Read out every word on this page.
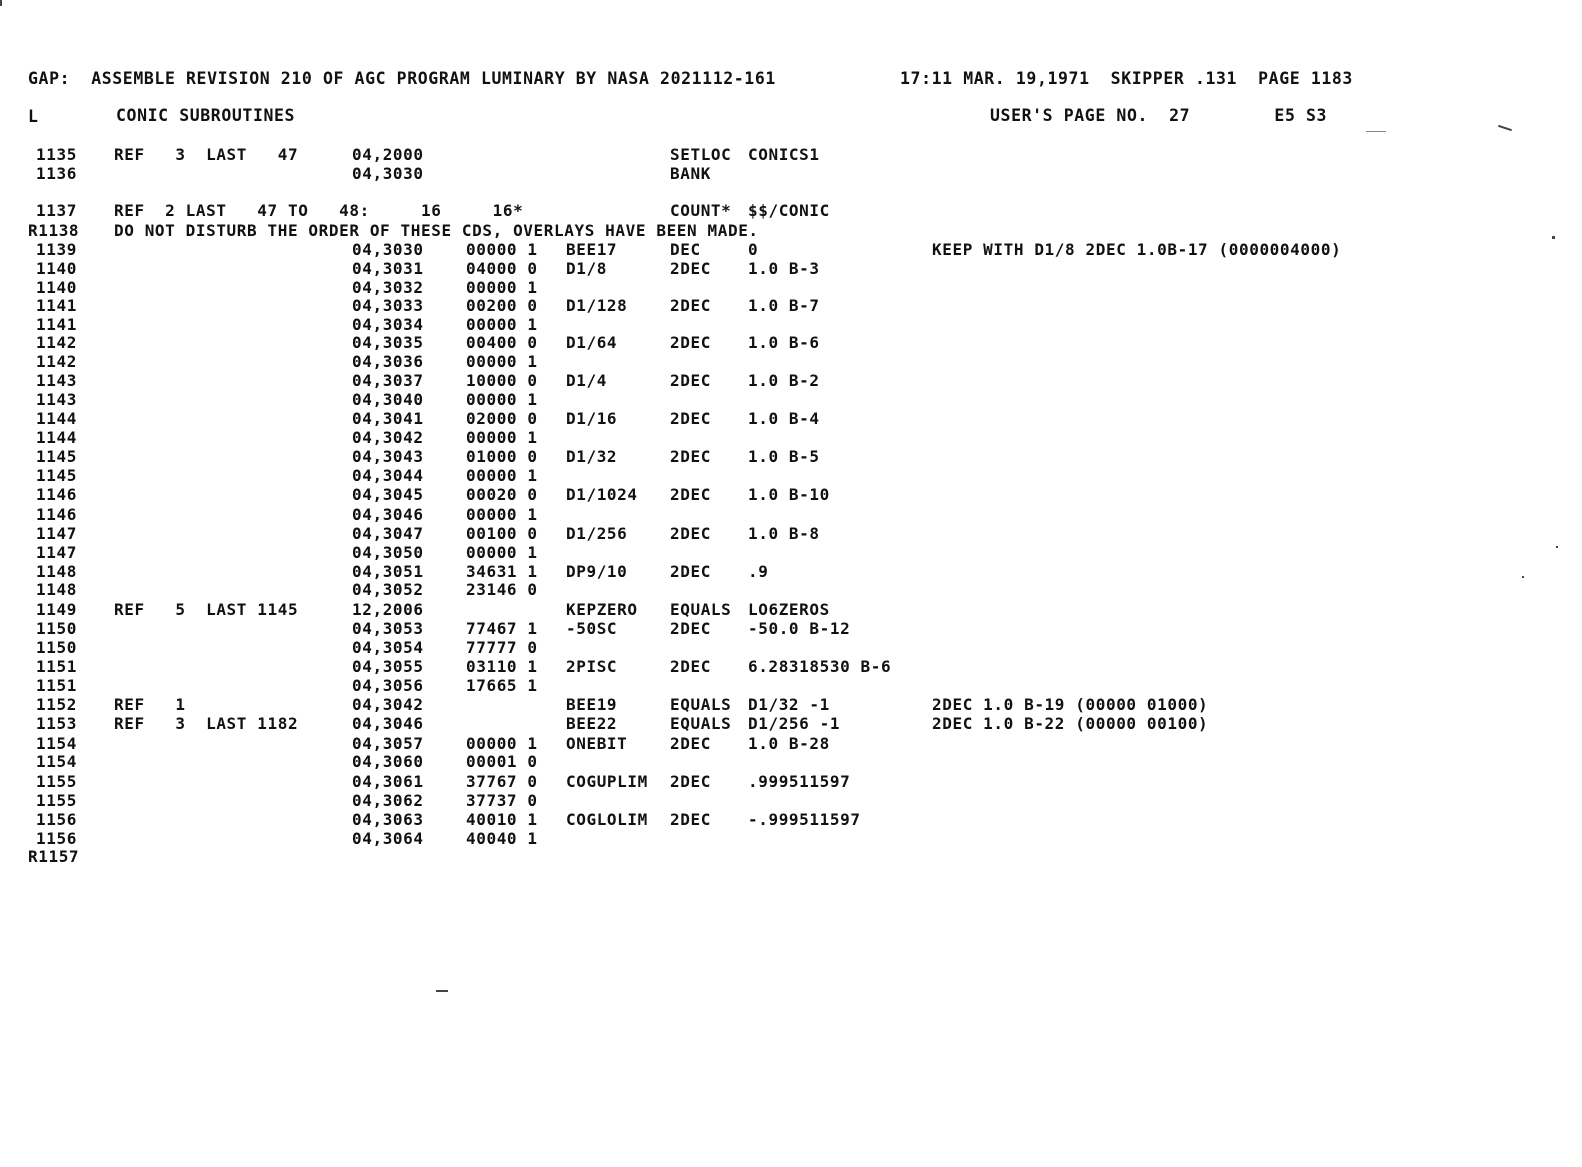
GAP:  ASSEMBLE REVISION 210 OF AGC PROGRAM LUMINARY BY NASA 2021112-161	17:11 MAR. 19,1971  SKIPPER .131  PAGE 1183
L	CONIC SUBROUTINES	USER'S PAGE NO.  27        E5 S3
1135 REF   3  LAST   47	04,2000	SETLOC CONICS1
1136	04,3030	BANK
1137 REF  2 LAST   47 TO   48:     16     16*	COUNT* $$/CONIC
R1138 DO NOT DISTURB THE ORDER OF THESE CDS, OVERLAYS HAVE BEEN MADE.
1139	04,3030	00000 1 BEE17	DEC	0	KEEP WITH D1/8 2DEC 1.0B-17 (0000004000)
1140	04,3031	04000 0 D1/8	2DEC 1.0 B-3
1140	04,3032	00000 1
1141	04,3033	00200 0 D1/128	2DEC 1.0 B-7
1141	04,3034	00000 1
1142	04,3035	00400 0 D1/64	2DEC 1.0 B-6
1142	04,3036	00000 1
1143	04,3037	10000 0 D1/4	2DEC 1.0 B-2
1143	04,3040	00000 1
1144	04,3041	02000 0 D1/16	2DEC 1.0 B-4
1144	04,3042	00000 1
1145	04,3043	01000 0 D1/32	2DEC 1.0 B-5
1145	04,3044	00000 1
1146	04,3045	00020 0 D1/1024 2DEC 1.0 B-10
1146	04,3046	00000 1
1147	04,3047	00100 0 D1/256	2DEC 1.0 B-8
1147	04,3050	00000 1
1148	04,3051	34631 1 DP9/10	2DEC .9
1148	04,3052	23146 0
1149 REF   5  LAST 1145	12,2006	KEPZERO EQUALS LO6ZEROS
1150	04,3053	77467 1 -50SC	2DEC -50.0 B-12
1150	04,3054	77777 0
1151	04,3055	03110 1 2PISC	2DEC 6.28318530 B-6
1151	04,3056	17665 1
1152 REF   1	04,3042	BEE19	EQUALS D1/32 -1	2DEC 1.0 B-19 (00000 01000)
1153 REF   3  LAST 1182	04,3046	BEE22	EQUALS D1/256 -1	2DEC 1.0 B-22 (00000 00100)
1154	04,3057	00000 1 ONEBIT	2DEC 1.0 B-28
1154	04,3060	00001 0
1155	04,3061	37767 0 COGUPLIM 2DEC .999511597
1155	04,3062	37737 0
1156	04,3063	40010 1 COGLOLIM 2DEC -.999511597
1156	04,3064	40040 1
R1157
